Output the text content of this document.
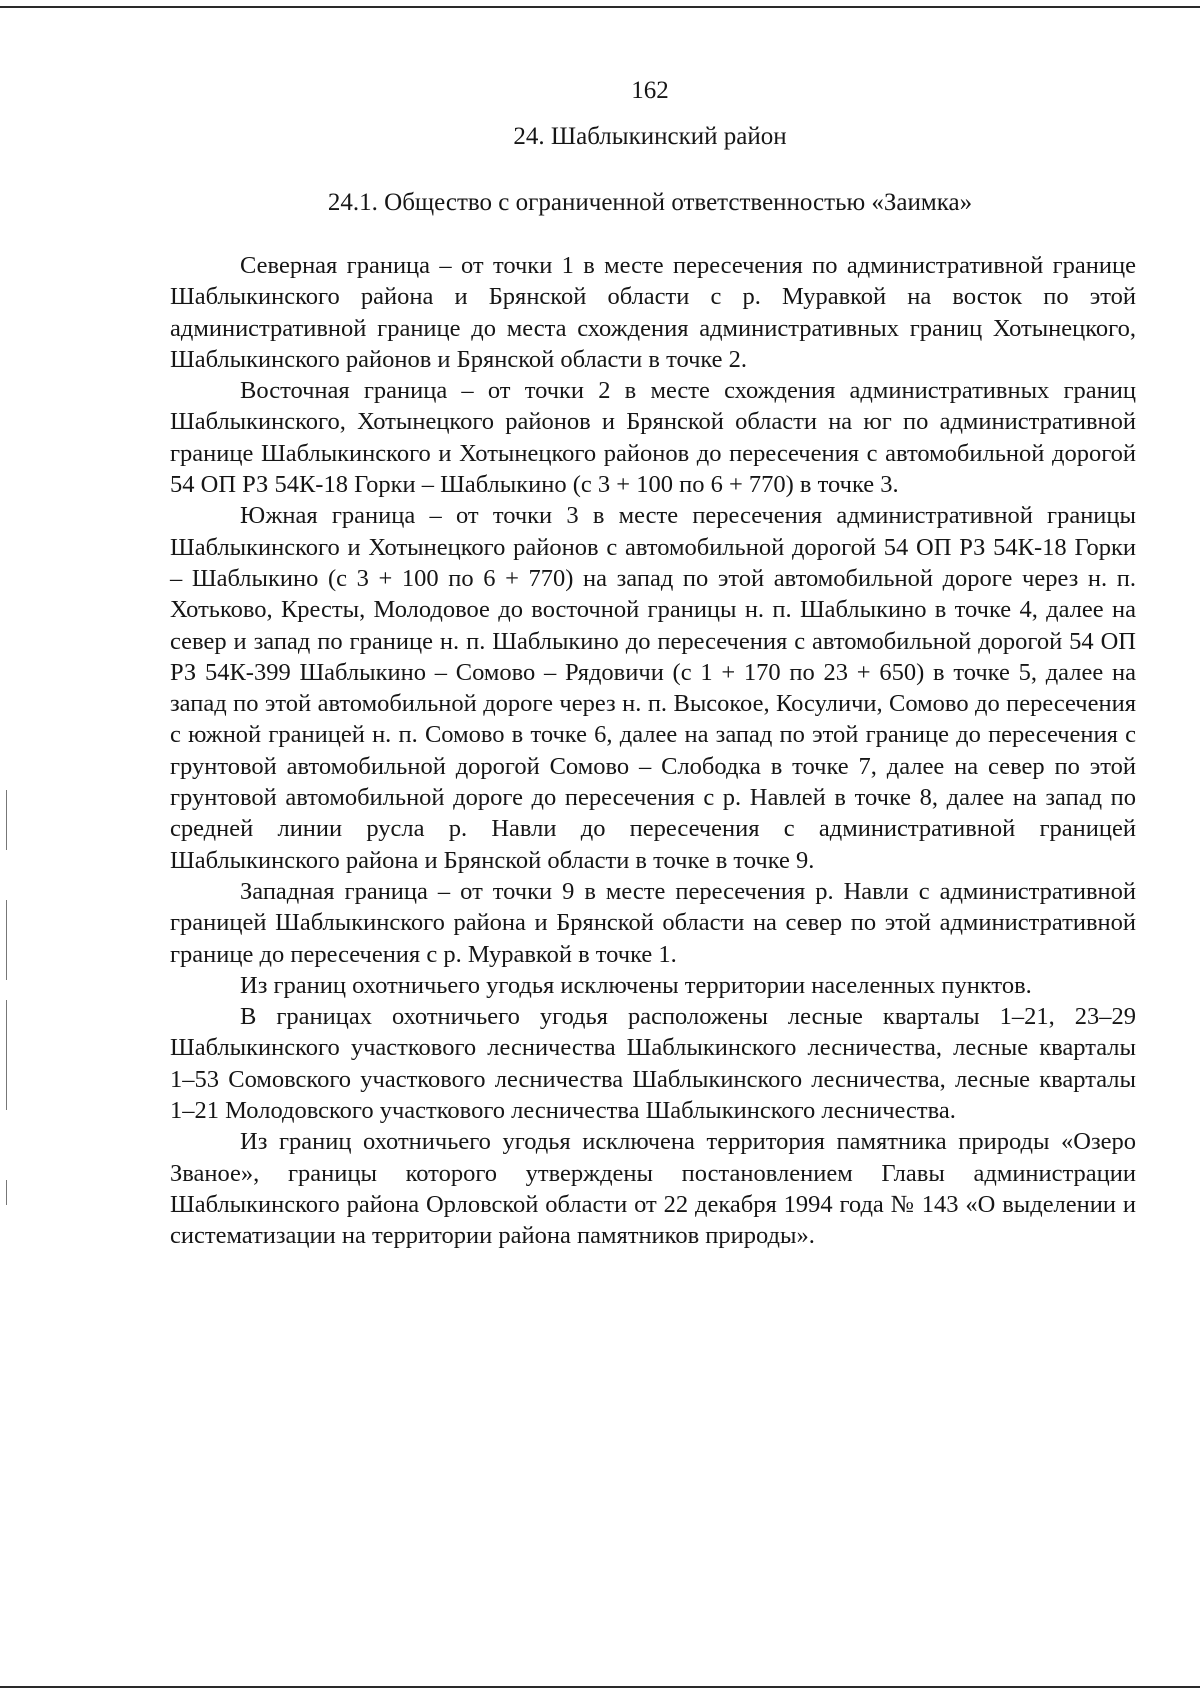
162
24. Шаблыкинский район
24.1. Общество с ограниченной ответственностью «Заимка»

Северная граница – от точки 1 в месте пересечения по административной границе Шаблыкинского района и Брянской области с р. Муравкой на восток по этой административной границе до места схождения административных границ Хотынецкого, Шаблыкинского районов и Брянской области в точке 2.

Восточная граница – от точки 2 в месте схождения административных границ Шаблыкинского, Хотынецкого районов и Брянской области на юг по административной границе Шаблыкинского и Хотынецкого районов до пересечения с автомобильной дорогой 54 ОП РЗ 54К-18 Горки – Шаблыкино (с 3 + 100 по 6 + 770) в точке 3.

Южная граница – от точки 3 в месте пересечения административной границы Шаблыкинского и Хотынецкого районов с автомобильной дорогой 54 ОП РЗ 54К-18 Горки – Шаблыкино (с 3 + 100 по 6 + 770) на запад по этой автомобильной дороге через н. п. Хотьково, Кресты, Молодовое до восточной границы н. п. Шаблыкино в точке 4, далее на север и запад по границе н. п. Шаблыкино до пересечения с автомобильной дорогой 54 ОП РЗ 54К-399 Шаблыкино – Сомово – Рядовичи (с 1 + 170 по 23 + 650) в точке 5, далее на запад по этой автомобильной дороге через н. п. Высокое, Косуличи, Сомово до пересечения с южной границей н. п. Сомово в точке 6, далее на запад по этой границе до пересечения с грунтовой автомобильной дорогой Сомово – Слободка в точке 7, далее на север по этой грунтовой автомобильной дороге до пересечения с р. Навлей в точке 8, далее на запад по средней линии русла р. Навли до пересечения с административной границей Шаблыкинского района и Брянской области в точке в точке 9.

Западная граница – от точки 9 в месте пересечения р. Навли с административной границей Шаблыкинского района и Брянской области на север по этой административной границе до пересечения с р. Муравкой в точке 1.

Из границ охотничьего угодья исключены территории населенных пунктов.

В границах охотничьего угодья расположены лесные кварталы 1–21, 23–29 Шаблыкинского участкового лесничества Шаблыкинского лесничества, лесные кварталы 1–53 Сомовского участкового лесничества Шаблыкинского лесничества, лесные кварталы 1–21 Молодовского участкового лесничества Шаблыкинского лесничества.

Из границ охотничьего угодья исключена территория памятника природы «Озеро Званое», границы которого утверждены постановлением Главы администрации Шаблыкинского района Орловской области от 22 декабря 1994 года № 143 «О выделении и систематизации на территории района памятников природы».
